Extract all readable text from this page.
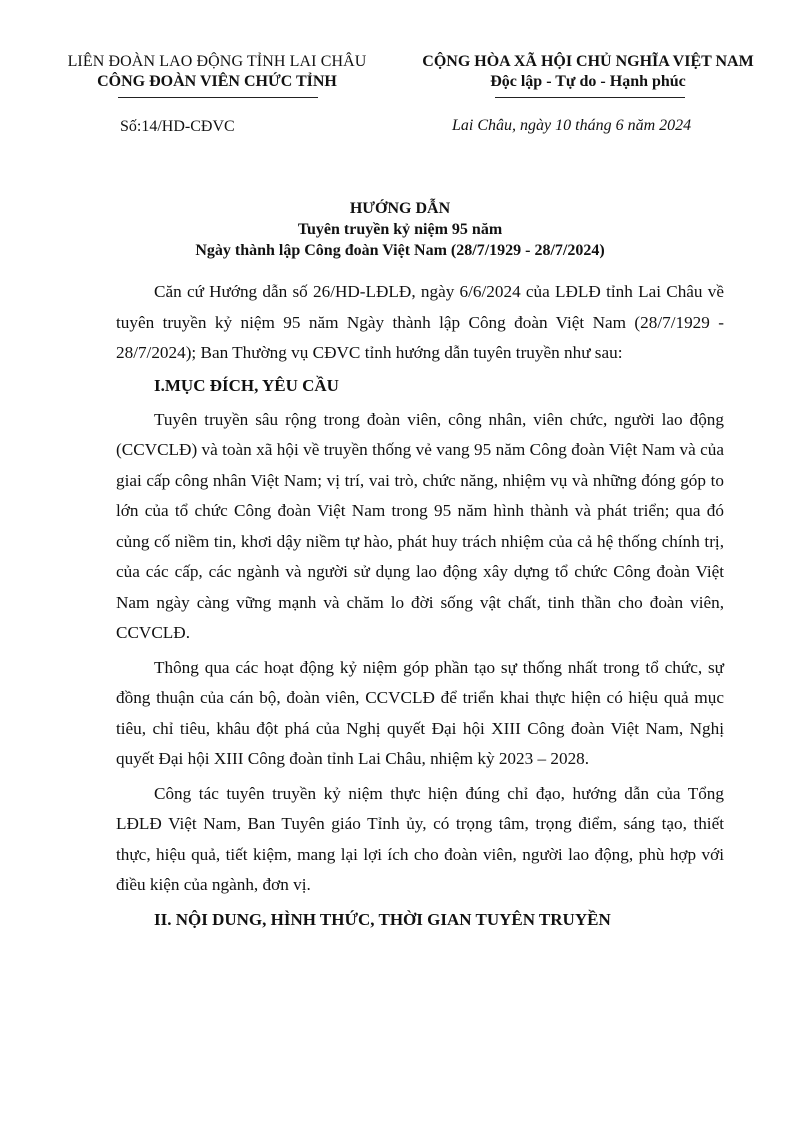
LIÊN ĐOÀN LAO ĐỘNG TỈNH LAI CHÂU
CÔNG ĐOÀN VIÊN CHỨC TỈNH
CỘNG HÒA XÃ HỘI CHỦ NGHĨA VIỆT NAM
Độc lập - Tự do - Hạnh phúc
Số:14/HD-CĐVC	Lai Châu, ngày 10 tháng 6 năm 2024
HƯỚNG DẪN
Tuyên truyền kỷ niệm 95 năm
Ngày thành lập Công đoàn Việt Nam (28/7/1929 - 28/7/2024)

Căn cứ Hướng dẫn số 26/HD-LĐLĐ, ngày 6/6/2024 của LĐLĐ tỉnh Lai Châu về tuyên truyền kỷ niệm 95 năm Ngày thành lập Công đoàn Việt Nam (28/7/1929 - 28/7/2024); Ban Thường vụ CĐVC tỉnh hướng dẫn tuyên truyền như sau:

I.MỤC ĐÍCH, YÊU CẦU

Tuyên truyền sâu rộng trong đoàn viên, công nhân, viên chức, người lao động (CCVCLĐ) và toàn xã hội về truyền thống vẻ vang 95 năm Công đoàn Việt Nam và của giai cấp công nhân Việt Nam; vị trí, vai trò, chức năng, nhiệm vụ và những đóng góp to lớn của tổ chức Công đoàn Việt Nam trong 95 năm hình thành và phát triển; qua đó củng cố niềm tin, khơi dậy niềm tự hào, phát huy trách nhiệm của cả hệ thống chính trị, của các cấp, các ngành và người sử dụng lao động xây dựng tổ chức Công đoàn Việt Nam ngày càng vững mạnh và chăm lo đời sống vật chất, tinh thần cho đoàn viên, CCVCLĐ.

Thông qua các hoạt động kỷ niệm góp phần tạo sự thống nhất trong tổ chức, sự đồng thuận của cán bộ, đoàn viên, CCVCLĐ để triển khai thực hiện có hiệu quả mục tiêu, chỉ tiêu, khâu đột phá của Nghị quyết Đại hội XIII Công đoàn Việt Nam, Nghị quyết Đại hội XIII Công đoàn tỉnh Lai Châu, nhiệm kỳ 2023 – 2028.

Công tác tuyên truyền kỷ niệm thực hiện đúng chỉ đạo, hướng dẫn của Tổng LĐLĐ Việt Nam, Ban Tuyên giáo Tỉnh ủy, có trọng tâm, trọng điểm, sáng tạo, thiết thực, hiệu quả, tiết kiệm, mang lại lợi ích cho đoàn viên, người lao động, phù hợp với điều kiện của ngành, đơn vị.

II. NỘI DUNG, HÌNH THỨC, THỜI GIAN TUYÊN TRUYỀN
